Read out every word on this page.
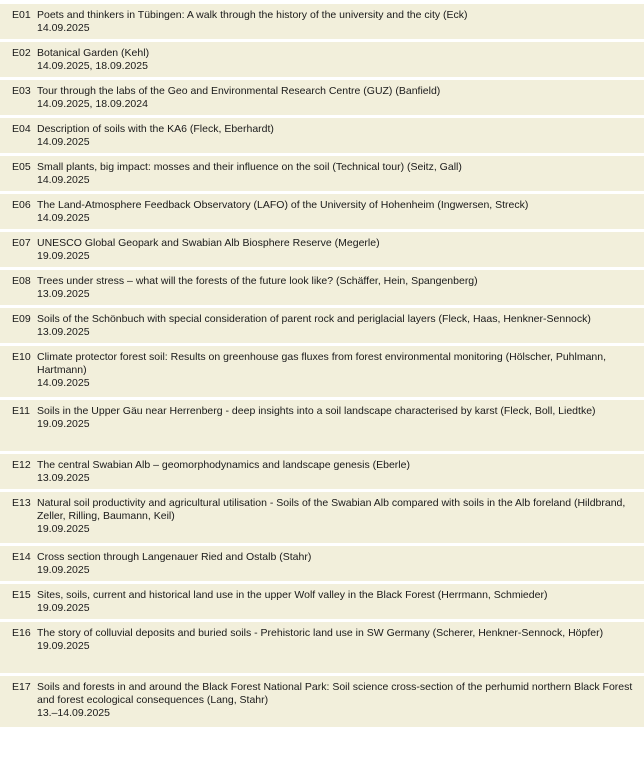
E01 Poets and thinkers in Tübingen: A walk through the history of the university and the city (Eck)
14.09.2025
E02 Botanical Garden (Kehl)
14.09.2025, 18.09.2025
E03 Tour through the labs of the Geo and Environmental Research Centre (GUZ) (Banfield)
14.09.2025, 18.09.2024
E04 Description of soils with the KA6 (Fleck, Eberhardt)
14.09.2025
E05 Small plants, big impact: mosses and their influence on the soil (Technical tour) (Seitz, Gall)
14.09.2025
E06 The Land-Atmosphere Feedback Observatory (LAFO) of the University of Hohenheim (Ingwersen, Streck)
14.09.2025
E07 UNESCO Global Geopark and Swabian Alb Biosphere Reserve (Megerle)
19.09.2025
E08 Trees under stress – what will the forests of the future look like? (Schäffer, Hein, Spangenberg)
13.09.2025
E09 Soils of the Schönbuch with special consideration of parent rock and periglacial layers (Fleck, Haas, Henkner-Sennock)
13.09.2025
E10 Climate protector forest soil: Results on greenhouse gas fluxes from forest environmental monitoring (Hölscher, Puhlmann, Hartmann)
14.09.2025
E11 Soils in the Upper Gäu near Herrenberg - deep insights into a soil landscape characterised by karst (Fleck, Boll, Liedtke)
19.09.2025
E12 The central Swabian Alb – geomorphodynamics and landscape genesis (Eberle)
13.09.2025
E13 Natural soil productivity and agricultural utilisation - Soils of the Swabian Alb compared with soils in the Alb foreland (Hildbrand, Zeller, Rilling, Baumann, Keil)
19.09.2025
E14 Cross section through Langenauer Ried and Ostalb (Stahr)
19.09.2025
E15 Sites, soils, current and historical land use in the upper Wolf valley in the Black Forest (Herrmann, Schmieder)
19.09.2025
E16 The story of colluvial deposits and buried soils - Prehistoric land use in SW Germany (Scherer, Henkner-Sennock, Höpfer)
19.09.2025
E17 Soils and forests in and around the Black Forest National Park: Soil science cross-section of the perhumid northern Black Forest and forest ecological consequences (Lang, Stahr)
13.–14.09.2025
